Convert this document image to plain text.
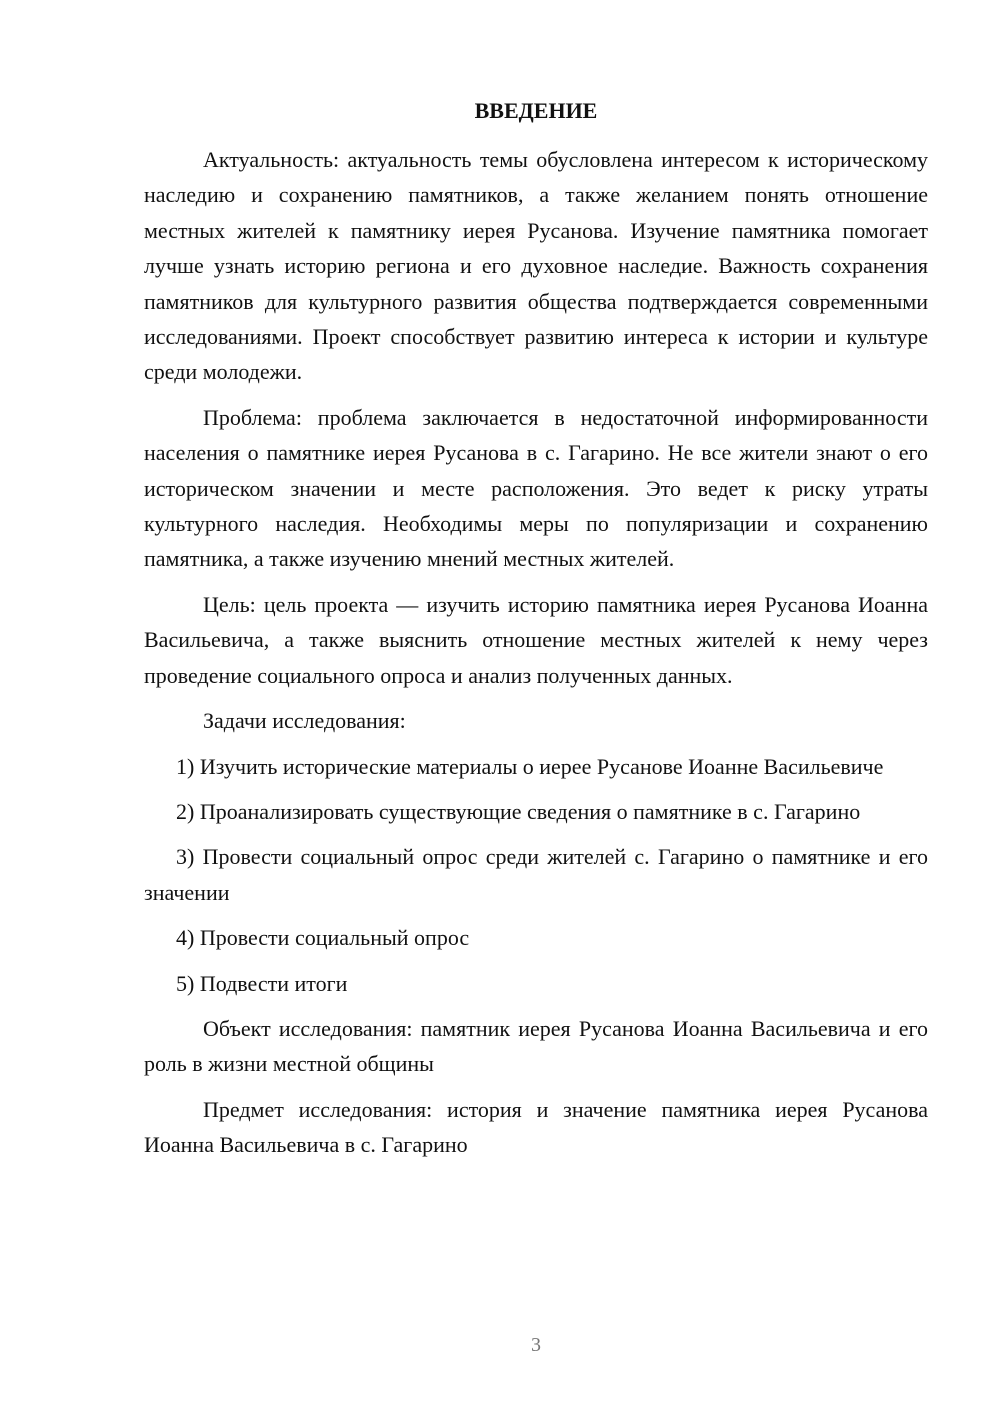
ВВЕДЕНИЕ

Актуальность: актуальность темы обусловлена интересом к историческому наследию и сохранению памятников, а также желанием понять отношение местных жителей к памятнику иерея Русанова. Изучение памятника помогает лучше узнать историю региона и его духовное наследие. Важность сохранения памятников для культурного развития общества подтверждается современными исследованиями. Проект способствует развитию интереса к истории и культуре среди молодежи.

Проблема: проблема заключается в недостаточной информированности населения о памятнике иерея Русанова в с. Гагарино. Не все жители знают о его историческом значении и месте расположения. Это ведет к риску утраты культурного наследия. Необходимы меры по популяризации и сохранению памятника, а также изучению мнений местных жителей.

Цель: цель проекта — изучить историю памятника иерея Русанова Иоанна Васильевича, а также выяснить отношение местных жителей к нему через проведение социального опроса и анализ полученных данных.

Задачи исследования:

1) Изучить исторические материалы о иерее Русанове Иоанне Васильевиче

2) Проанализировать существующие сведения о памятнике в с. Гагарино

3) Провести социальный опрос среди жителей с. Гагарино о памятнике и его значении

4) Провести социальный опрос

5) Подвести итоги

Объект исследования: памятник иерея Русанова Иоанна Васильевича и его роль в жизни местной общины

Предмет исследования: история и значение памятника иерея Русанова Иоанна Васильевича в с. Гагарино

3
